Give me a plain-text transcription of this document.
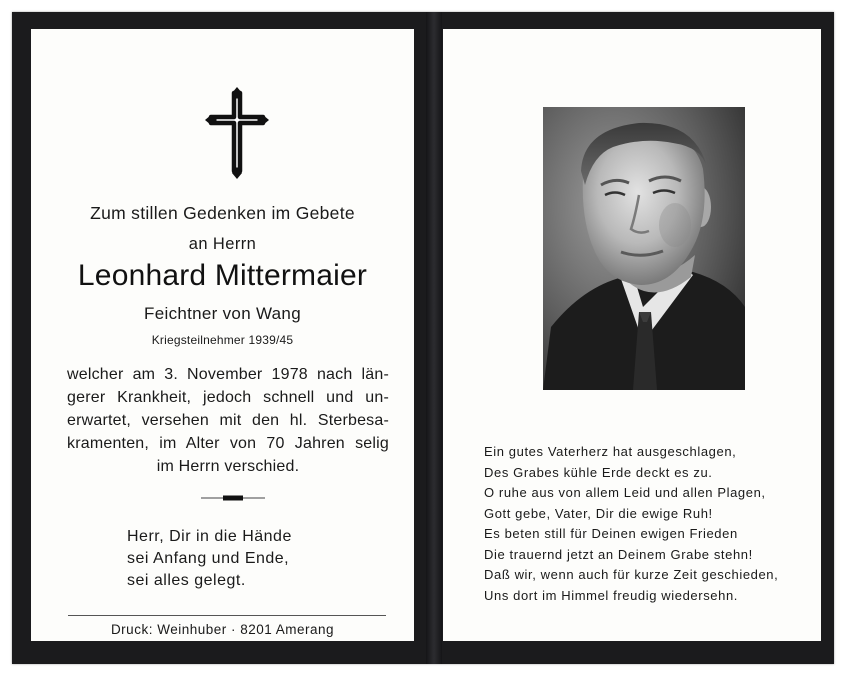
Zum stillen Gedenken im Gebete
an Herrn
Leonhard Mittermaier
Feichtner von Wang
Kriegsteilnehmer 1939/45
welcher am 3. November 1978 nach län-
gerer Krankheit, jedoch schnell und un-
erwartet, versehen mit den hl. Sterbesa-
kramenten, im Alter von 70 Jahren selig
im Herrn verschied.
Herr, Dir in die Hände
sei Anfang und Ende,
sei alles gelegt.
Druck: Weinhuber · 8201 Amerang
Ein gutes Vaterherz hat ausgeschlagen,
Des Grabes kühle Erde deckt es zu.
O ruhe aus von allem Leid und allen Plagen,
Gott gebe, Vater, Dir die ewige Ruh!
Es beten still für Deinen ewigen Frieden
Die trauernd jetzt an Deinem Grabe stehn!
Daß wir, wenn auch für kurze Zeit geschieden,
Uns dort im Himmel freudig wiedersehn.
